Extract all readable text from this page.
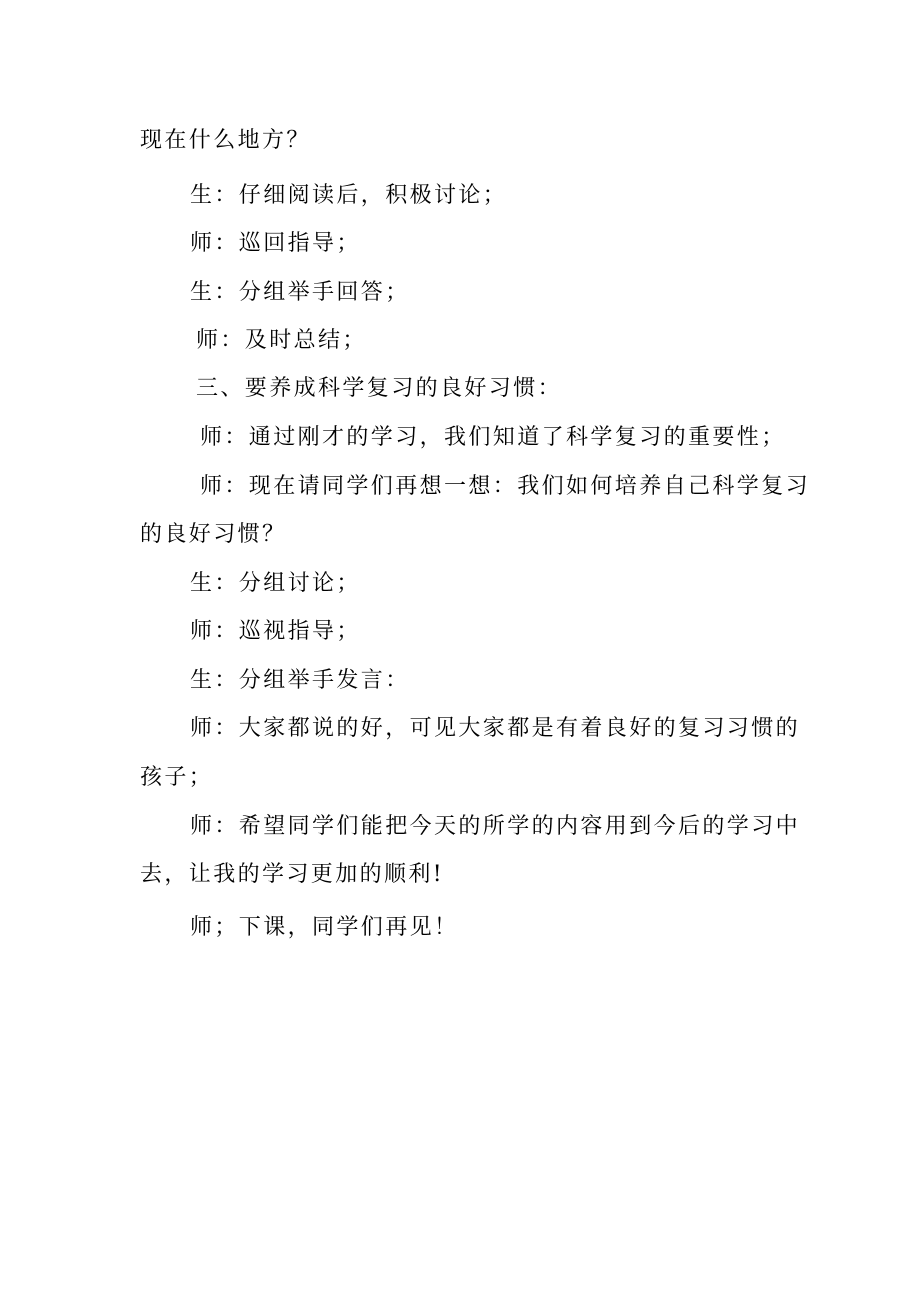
现在什么地方？
生：仔细阅读后，积极讨论；
师：巡回指导；
生：分组举手回答；
师：及时总结；
三、要养成科学复习的良好习惯：
师：通过刚才的学习，我们知道了科学复习的重要性；
师：现在请同学们再想一想：我们如何培养自己科学复习
的良好习惯？
生：分组讨论；
师：巡视指导；
生：分组举手发言：
师：大家都说的好，可见大家都是有着良好的复习习惯的
孩子；
师：希望同学们能把今天的所学的内容用到今后的学习中
去，让我的学习更加的顺利!
师；下课，同学们再见！
